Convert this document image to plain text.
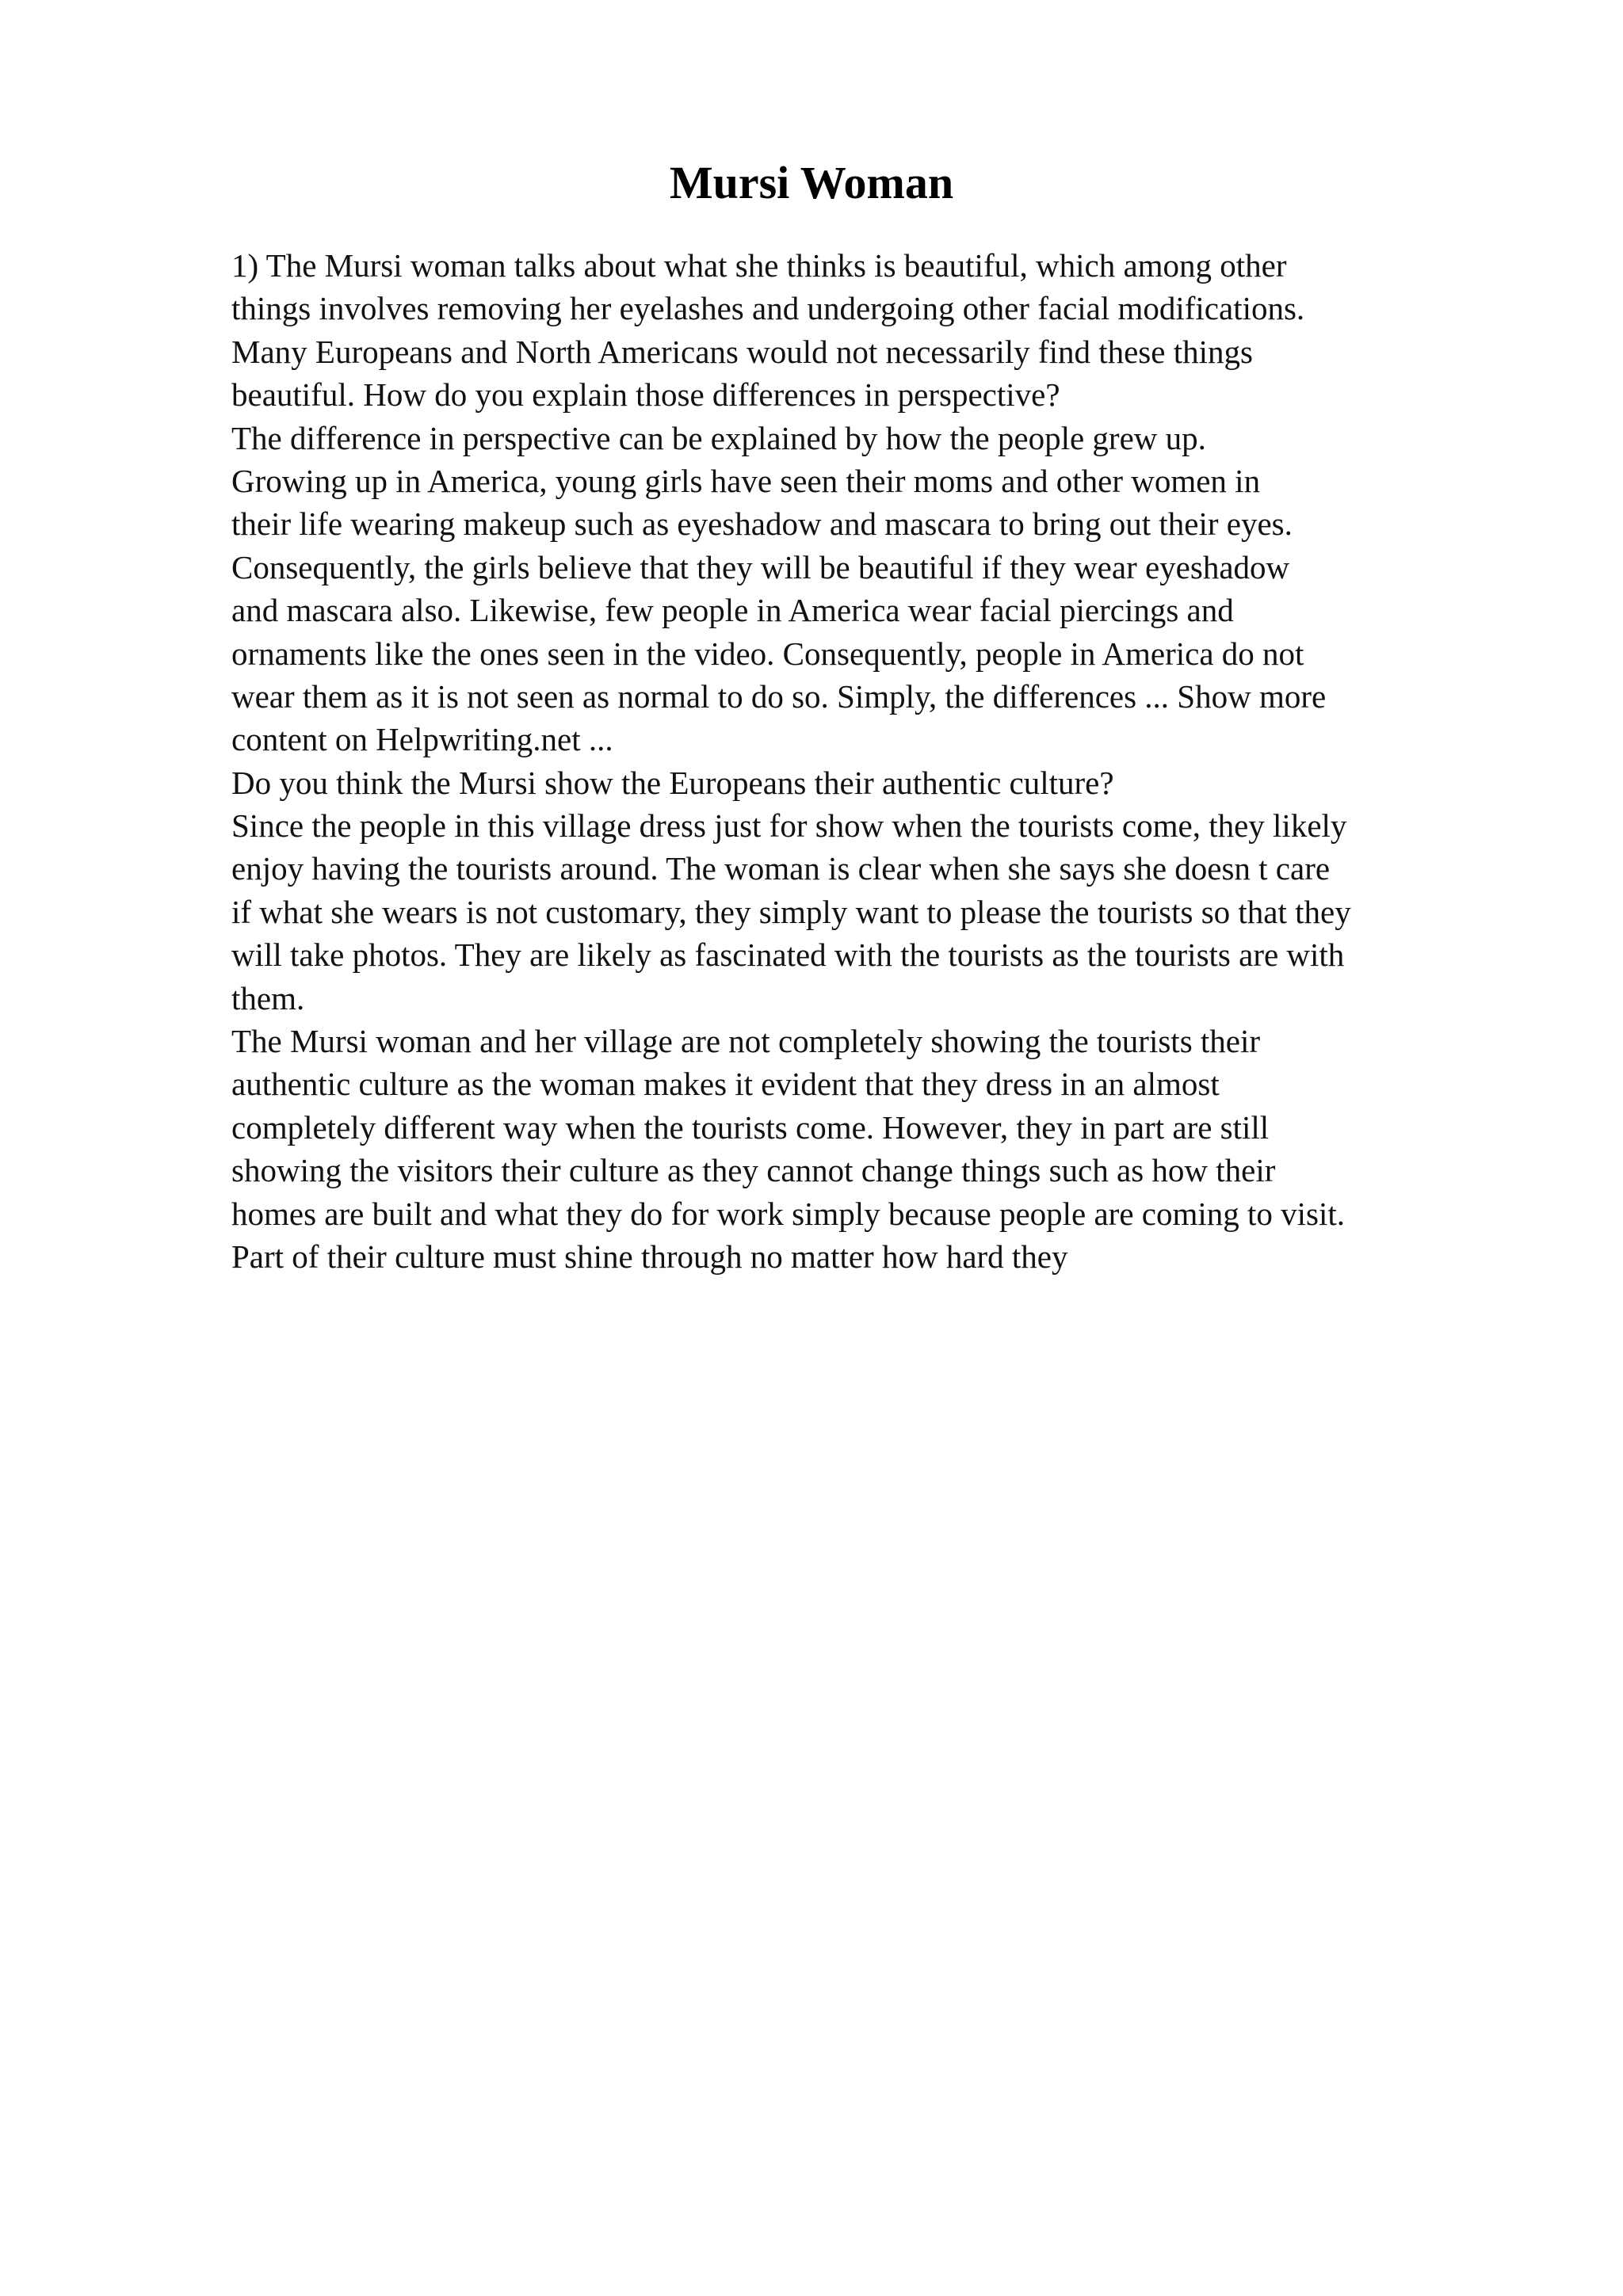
Mursi Woman
1) The Mursi woman talks about what she thinks is beautiful, which among other
things involves removing her eyelashes and undergoing other facial modifications.
Many Europeans and North Americans would not necessarily find these things
beautiful. How do you explain those differences in perspective?
The difference in perspective can be explained by how the people grew up.
Growing up in America, young girls have seen their moms and other women in
their life wearing makeup such as eyeshadow and mascara to bring out their eyes.
Consequently, the girls believe that they will be beautiful if they wear eyeshadow
and mascara also. Likewise, few people in America wear facial piercings and
ornaments like the ones seen in the video. Consequently, people in America do not
wear them as it is not seen as normal to do so. Simply, the differences ... Show more
content on Helpwriting.net ...
Do you think the Mursi show the Europeans their authentic culture?
Since the people in this village dress just for show when the tourists come, they likely
enjoy having the tourists around. The woman is clear when she says she doesn t care
if what she wears is not customary, they simply want to please the tourists so that they
will take photos. They are likely as fascinated with the tourists as the tourists are with
them.
The Mursi woman and her village are not completely showing the tourists their
authentic culture as the woman makes it evident that they dress in an almost
completely different way when the tourists come. However, they in part are still
showing the visitors their culture as they cannot change things such as how their
homes are built and what they do for work simply because people are coming to visit.
Part of their culture must shine through no matter how hard they
